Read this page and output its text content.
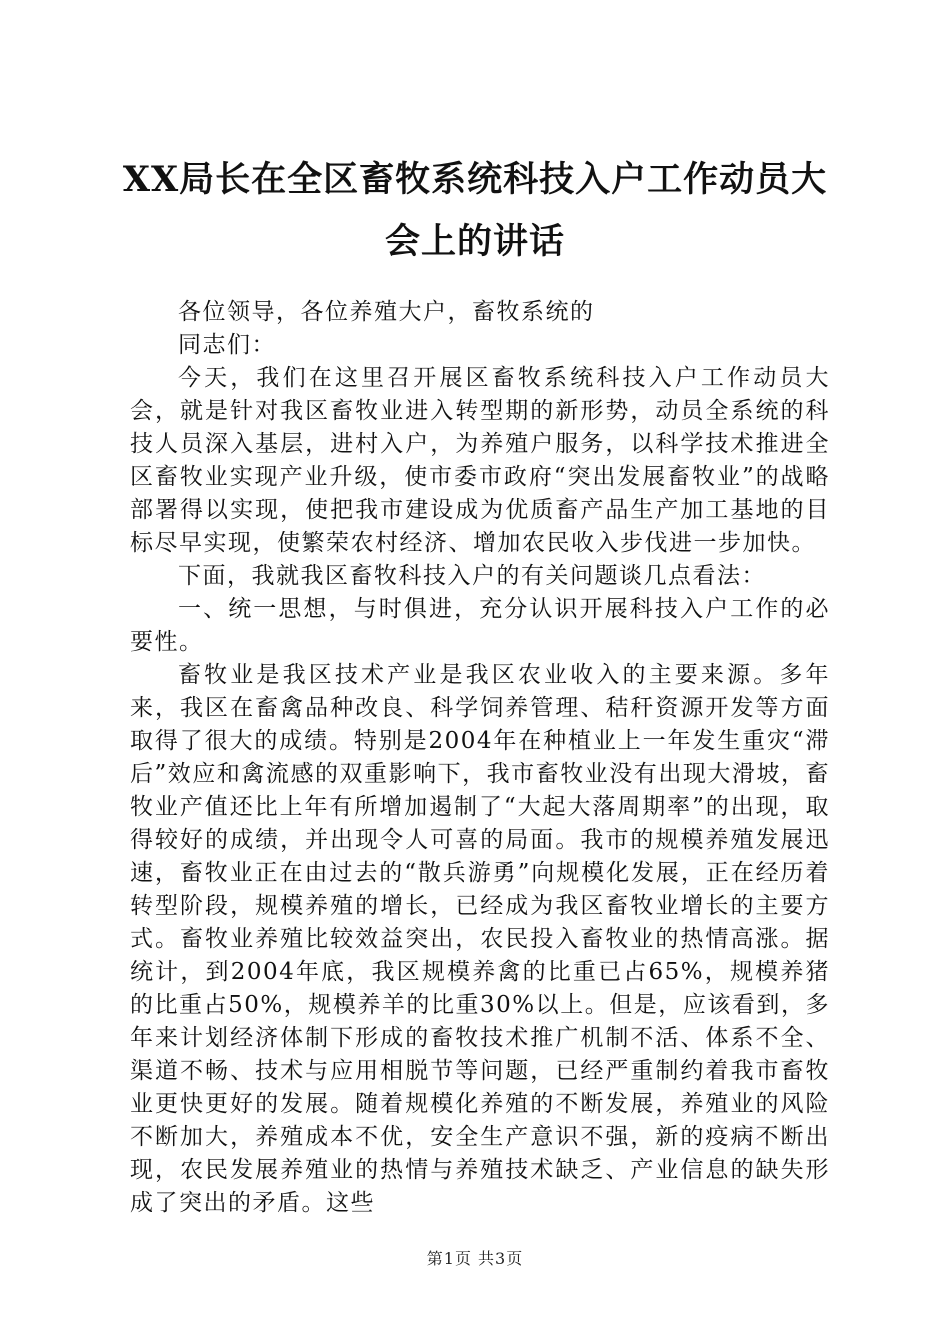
XX局长在全区畜牧系统科技入户工作动员大
会上的讲话

各位领导，各位养殖大户，畜牧系统的

同志们：

今天，我们在这里召开展区畜牧系统科技入户工作动员大会，就是针对我区畜牧业进入转型期的新形势，动员全系统的科技人员深入基层，进村入户，为养殖户服务，以科学技术推进全区畜牧业实现产业升级，使市委市政府“突出发展畜牧业”的战略部署得以实现，使把我市建设成为优质畜产品生产加工基地的目标尽早实现，使繁荣农村经济、增加农民收入步伐进一步加快。

下面，我就我区畜牧科技入户的有关问题谈几点看法：

一、统一思想，与时俱进，充分认识开展科技入户工作的必要性。

畜牧业是我区技术产业是我区农业收入的主要来源。多年来，我区在畜禽品种改良、科学饲养管理、秸秆资源开发等方面取得了很大的成绩。特别是2004年在种植业上一年发生重灾“滞后”效应和禽流感的双重影响下，我市畜牧业没有出现大滑坡，畜牧业产值还比上年有所增加遏制了“大起大落周期率”的出现，取得较好的成绩，并出现令人可喜的局面。我市的规模养殖发展迅速，畜牧业正在由过去的“散兵游勇”向规模化发展，正在经历着转型阶段，规模养殖的增长，已经成为我区畜牧业增长的主要方式。畜牧业养殖比较效益突出，农民投入畜牧业的热情高涨。据统计，到2004年底，我区规模养禽的比重已占65%，规模养猪的比重占50%，规模养羊的比重30%以上。但是，应该看到，多年来计划经济体制下形成的畜牧技术推广机制不活、体系不全、渠道不畅、技术与应用相脱节等问题，已经严重制约着我市畜牧业更快更好的发展。随着规模化养殖的不断发展，养殖业的风险不断加大，养殖成本不优，安全生产意识不强，新的疫病不断出现，农民发展养殖业的热情与养殖技术缺乏、产业信息的缺失形成了突出的矛盾。这些

第1页 共3页
